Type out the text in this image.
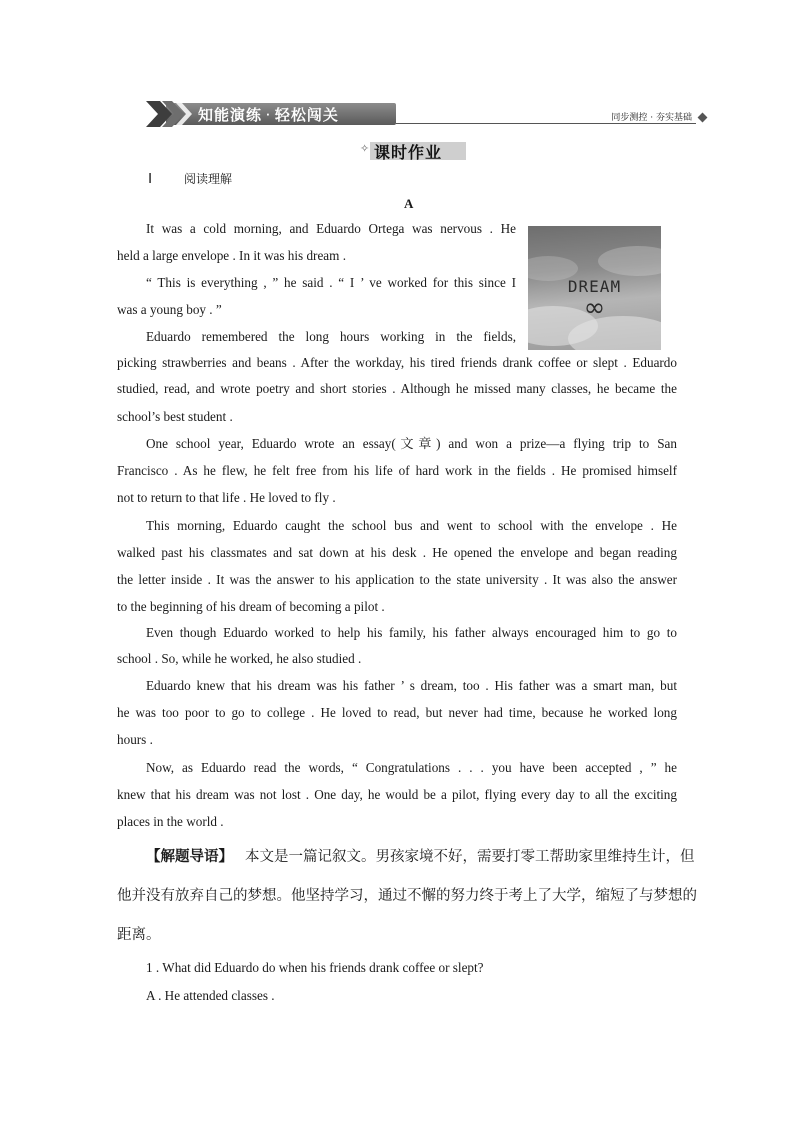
知能演练 · 轻松闯关	同步测控 · 夯实基础
✧ 课时作业
Ⅰ	阅读理解
A
DREAM
∞
It was a cold morning, and Eduardo Ortega was nervous . He
held a large envelope . In it was his dream .
“ This is everything , ” he said . “ I ’ ve worked for this since I
was a young boy . ”
Eduardo remembered the long hours working in the fields,
picking strawberries and beans . After the workday, his tired friends drank coffee or slept . Eduardo
studied, read, and wrote poetry and short stories . Although he missed many classes, he became the
school’s best student .
One school year, Eduardo wrote an essay(文章) and won a prize—a flying trip to San
Francisco . As he flew, he felt free from his life of hard work in the fields . He promised himself
not to return to that life . He loved to fly .
This morning, Eduardo caught the school bus and went to school with the envelope . He
walked past his classmates and sat down at his desk . He opened the envelope and began reading
the letter inside . It was the answer to his application to the state university . It was also the answer
to the beginning of his dream of becoming a pilot .
Even though Eduardo worked to help his family, his father always encouraged him to go to
school . So, while he worked, he also studied .
Eduardo knew that his dream was his father ’ s dream, too . His father was a smart man, but
he was too poor to go to college . He loved to read, but never had time, because he worked long
hours .
Now, as Eduardo read the words, “ Congratulations . . . you have been accepted , ” he
knew that his dream was not lost . One day, he would be a pilot, flying every day to all the exciting
places in the world .
【解题导语】 本文是一篇记叙文。男孩家境不好，需要打零工帮助家里维持生计，但
他并没有放弃自己的梦想。他坚持学习，通过不懈的努力终于考上了大学，缩短了与梦想的
距离。
1 . What did Eduardo do when his friends drank coffee or slept?
A . He attended classes .
